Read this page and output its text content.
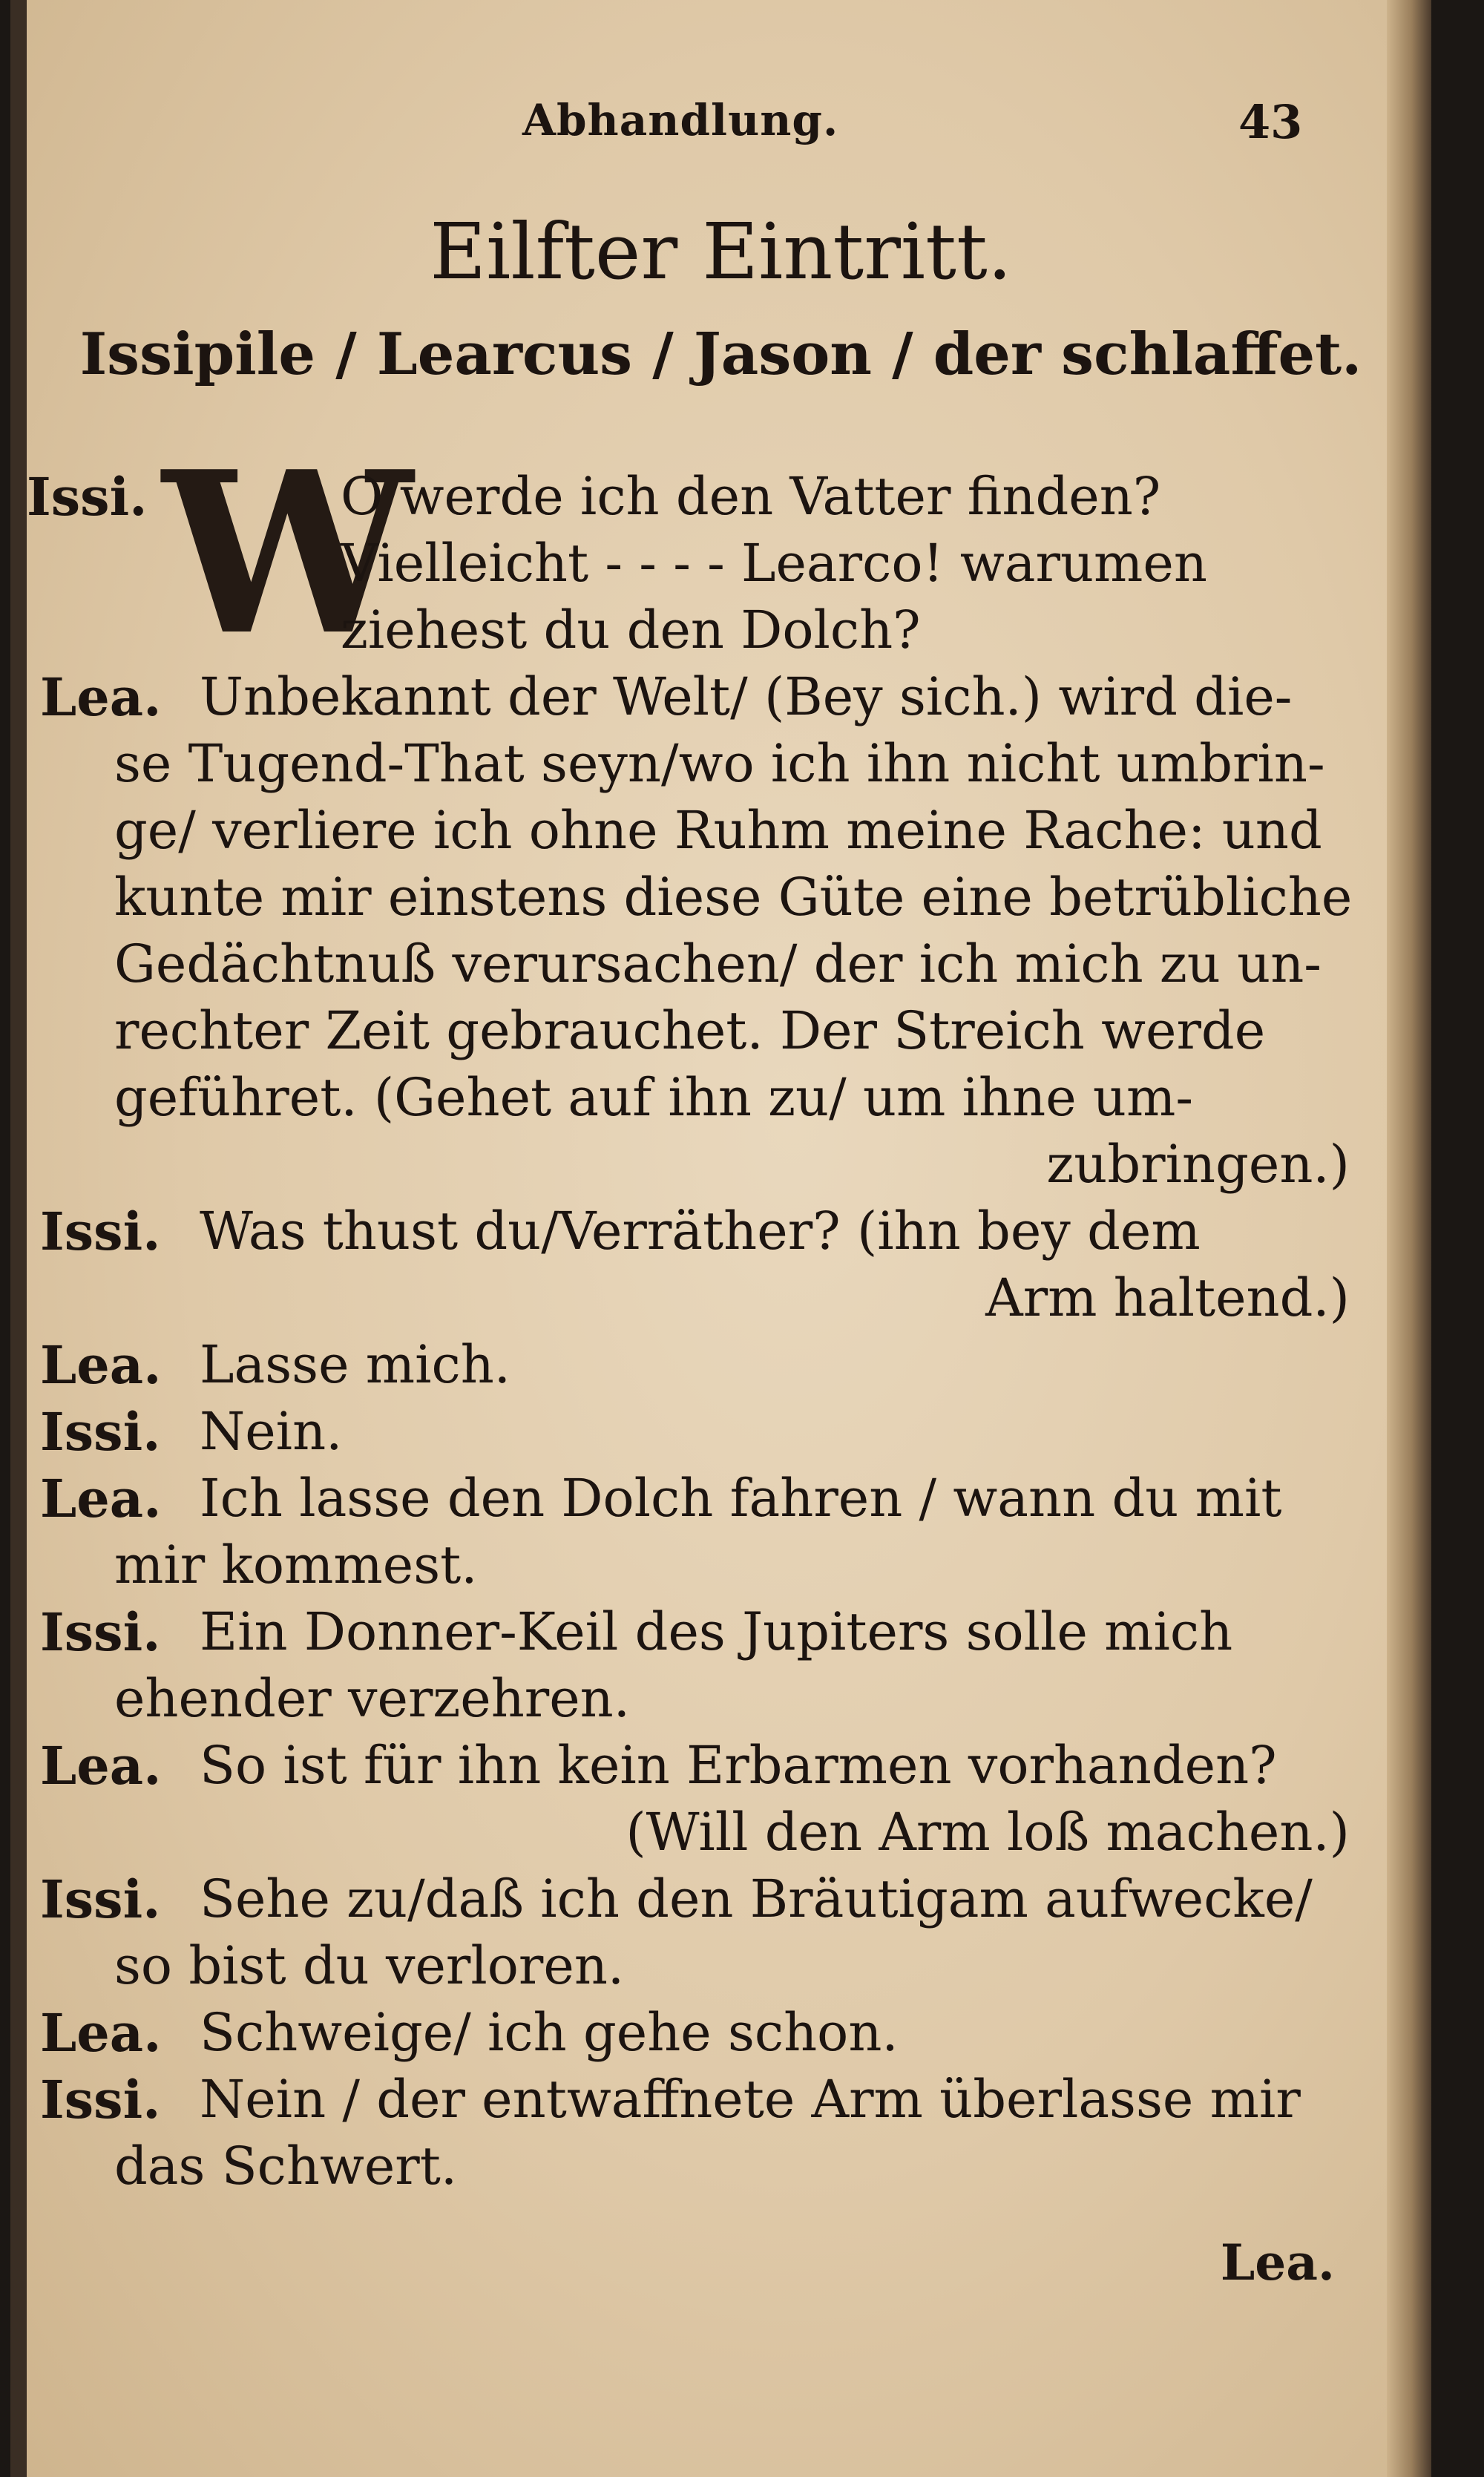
Abhandlung.	43
Eilfter Eintritt.
Issipile / Learcus / Jason / der schlaffet.
Issi. W
O werde ich den Vatter finden?
Vielleicht ‑ ‑ ‑ ‑ Learco! warumen
ziehest du den Dolch?
Lea. Unbekannt der Welt/ (Bey sich.) wird die‑
se Tugend‑That seyn/wo ich ihn nicht umbrin‑
ge/ verliere ich ohne Ruhm meine Rache: und
kunte mir einstens diese Güte eine betrübliche
Gedächtnuß verursachen/ der ich mich zu un‑
rechter Zeit gebrauchet. Der Streich werde
geführet. (Gehet auf ihn zu/ um ihne um‑
zubringen.)
Issi. Was thust du/Verräther? (ihn bey dem
Arm haltend.)
Lea. Lasse mich.
Issi. Nein.
Lea. Ich lasse den Dolch fahren / wann du mit
mir kommest.
Issi. Ein Donner‑Keil des Jupiters solle mich
ehender verzehren.
Lea. So ist für ihn kein Erbarmen vorhanden?
(Will den Arm loß machen.)
Issi. Sehe zu/daß ich den Bräutigam aufwecke/
so bist du verloren.
Lea. Schweige/ ich gehe schon.
Issi. Nein / der entwaffnete Arm überlasse mir
das Schwert.
Lea.
